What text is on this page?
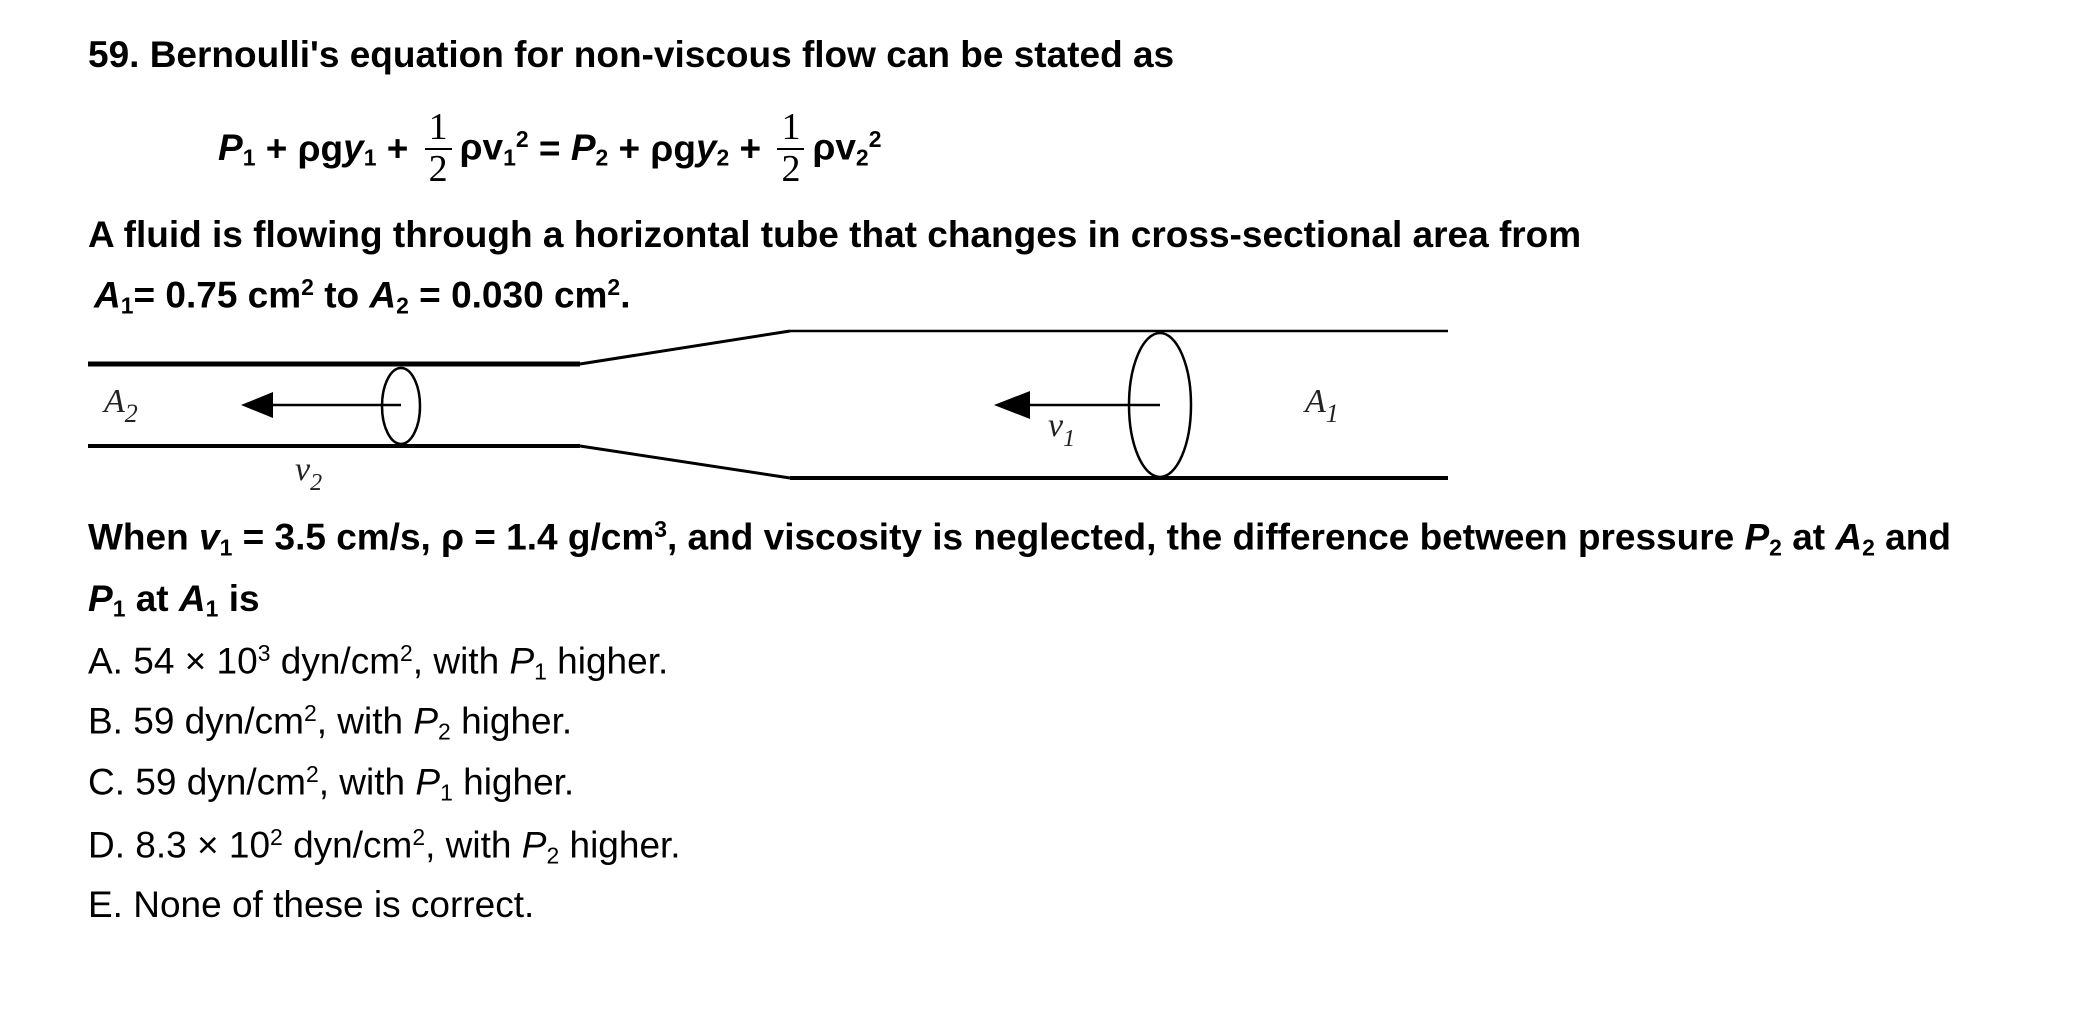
59. Bernoulli's equation for non-viscous flow can be stated as
$P_1 + \rho g$ $y_1 + \frac{1}{2} \rho v_1^2 = P_2 + \rho g$ $y_2 + \frac{1}{2} \rho v_2^2$
A fluid is flowing through a horizontal tube that changes in cross-sectional area from
$A_1= 0.75$ $cm^2$ to $A_2 = 0.030$ $cm^2$.
$A_2$	$A_1$
$v_2$
$v_1$
When $v_1 = 3.5$ cm/s, ρ = 1.4 $g/cm^3$, and viscosity is neglected, the difference between pressure $P_2$ at $A_2$ and
$P_1$ at $A_1$ is
A. $54 \times 10^3$ dyn/$cm^2$, with $P_1$ higher.
B. 59 dyn/$cm^2$, with $P_2$ higher.
C. 59 dyn/$cm^2$, with $P_1$ higher.
D. $8.3 \times 10^2$ dyn/$cm^2$, with $P_2$ higher.
E. None of these is correct.
